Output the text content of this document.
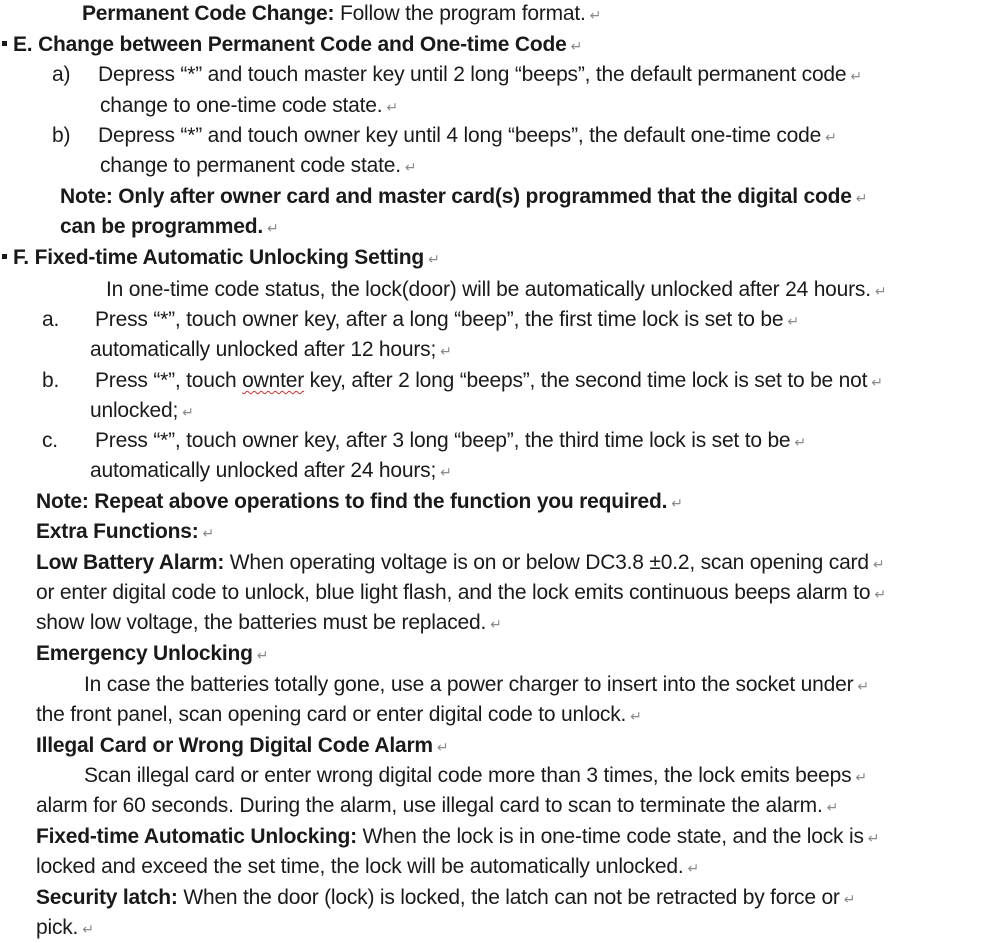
Permanent Code Change: Follow the program format. ↵
E. Change between Permanent Code and One-time Code ↵
a) Depress “*” and touch master key until 2 long “beeps”, the default permanent code ↵
change to one-time code state. ↵
b) Depress “*” and touch owner key until 4 long “beeps”, the default one-time code ↵
change to permanent code state. ↵
Note: Only after owner card and master card(s) programmed that the digital code ↵
can be programmed. ↵
F. Fixed-time Automatic Unlocking Setting ↵
In one-time code status, the lock(door) will be automatically unlocked after 24 hours. ↵
a. Press “*”, touch owner key, after a long “beep”, the first time lock is set to be ↵
automatically unlocked after 12 hours; ↵
b. Press “*”, touch ownter key, after 2 long “beeps”, the second time lock is set to be not ↵
unlocked; ↵
c. Press “*”, touch owner key, after 3 long “beep”, the third time lock is set to be ↵
automatically unlocked after 24 hours; ↵
Note: Repeat above operations to find the function you required. ↵
Extra Functions: ↵
Low Battery Alarm: When operating voltage is on or below DC3.8 ±0.2, scan opening card ↵
or enter digital code to unlock, blue light flash, and the lock emits continuous beeps alarm to ↵
show low voltage, the batteries must be replaced. ↵
Emergency Unlocking ↵
In case the batteries totally gone, use a power charger to insert into the socket under ↵
the front panel, scan opening card or enter digital code to unlock. ↵
Illegal Card or Wrong Digital Code Alarm ↵
Scan illegal card or enter wrong digital code more than 3 times, the lock emits beeps ↵
alarm for 60 seconds. During the alarm, use illegal card to scan to terminate the alarm. ↵
Fixed-time Automatic Unlocking: When the lock is in one-time code state, and the lock is ↵
locked and exceed the set time, the lock will be automatically unlocked. ↵
Security latch: When the door (lock) is locked, the latch can not be retracted by force or ↵
pick. ↵
